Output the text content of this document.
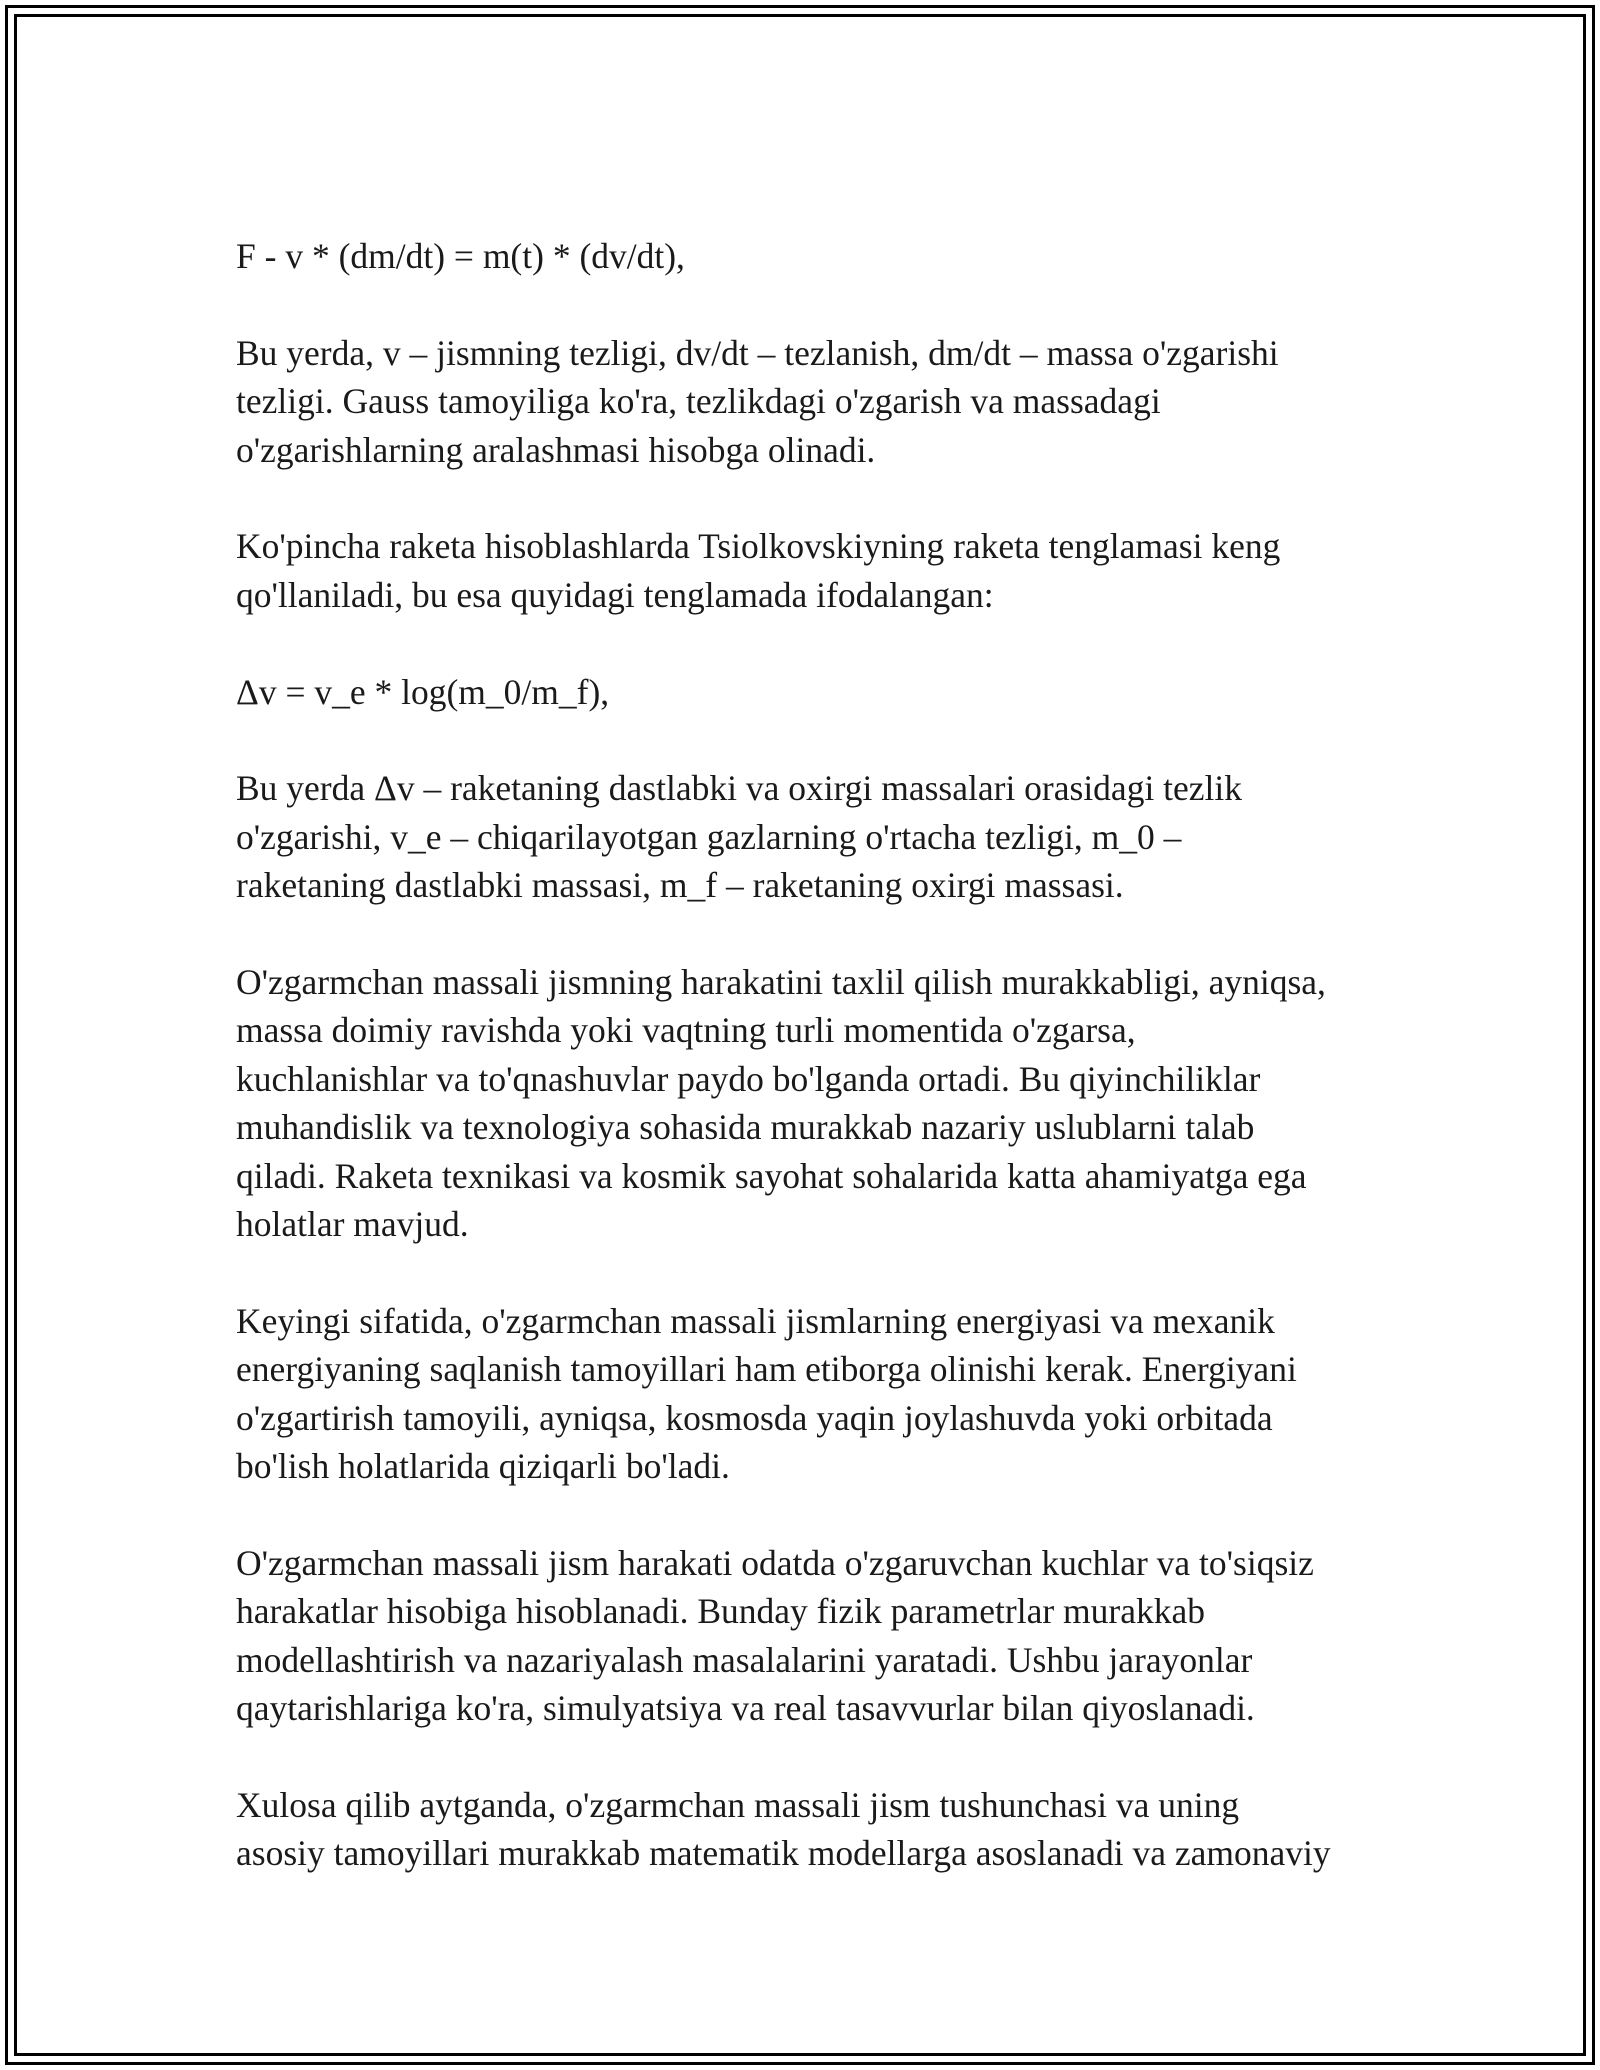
F - v * (dm/dt) = m(t) * (dv/dt),

Bu yerda, v – jismning tezligi, dv/dt – tezlanish, dm/dt – massa o'zgarishi
tezligi. Gauss tamoyiliga ko'ra, tezlikdagi o'zgarish va massadagi
o'zgarishlarning aralashmasi hisobga olinadi.

Ko'pincha raketa hisoblashlarda Tsiolkovskiyning raketa tenglamasi keng
qo'llaniladi, bu esa quyidagi tenglamada ifodalangan:

Δv = v_e * log(m_0/m_f),

Bu yerda Δv – raketaning dastlabki va oxirgi massalari orasidagi tezlik
o'zgarishi, v_e – chiqarilayotgan gazlarning o'rtacha tezligi, m_0 –
raketaning dastlabki massasi, m_f – raketaning oxirgi massasi.

O'zgarmchan massali jismning harakatini taxlil qilish murakkabligi, ayniqsa,
massa doimiy ravishda yoki vaqtning turli momentida o'zgarsa,
kuchlanishlar va to'qnashuvlar paydo bo'lganda ortadi. Bu qiyinchiliklar
muhandislik va texnologiya sohasida murakkab nazariy uslublarni talab
qiladi. Raketa texnikasi va kosmik sayohat sohalarida katta ahamiyatga ega
holatlar mavjud.

Keyingi sifatida, o'zgarmchan massali jismlarning energiyasi va mexanik
energiyaning saqlanish tamoyillari ham etiborga olinishi kerak. Energiyani
o'zgartirish tamoyili, ayniqsa, kosmosda yaqin joylashuvda yoki orbitada
bo'lish holatlarida qiziqarli bo'ladi.

O'zgarmchan massali jism harakati odatda o'zgaruvchan kuchlar va to'siqsiz
harakatlar hisobiga hisoblanadi. Bunday fizik parametrlar murakkab
modellashtirish va nazariyalash masalalarini yaratadi. Ushbu jarayonlar
qaytarishlariga ko'ra, simulyatsiya va real tasavvurlar bilan qiyoslanadi.

Xulosa qilib aytganda, o'zgarmchan massali jism tushunchasi va uning
asosiy tamoyillari murakkab matematik modellarga asoslanadi va zamonaviy
